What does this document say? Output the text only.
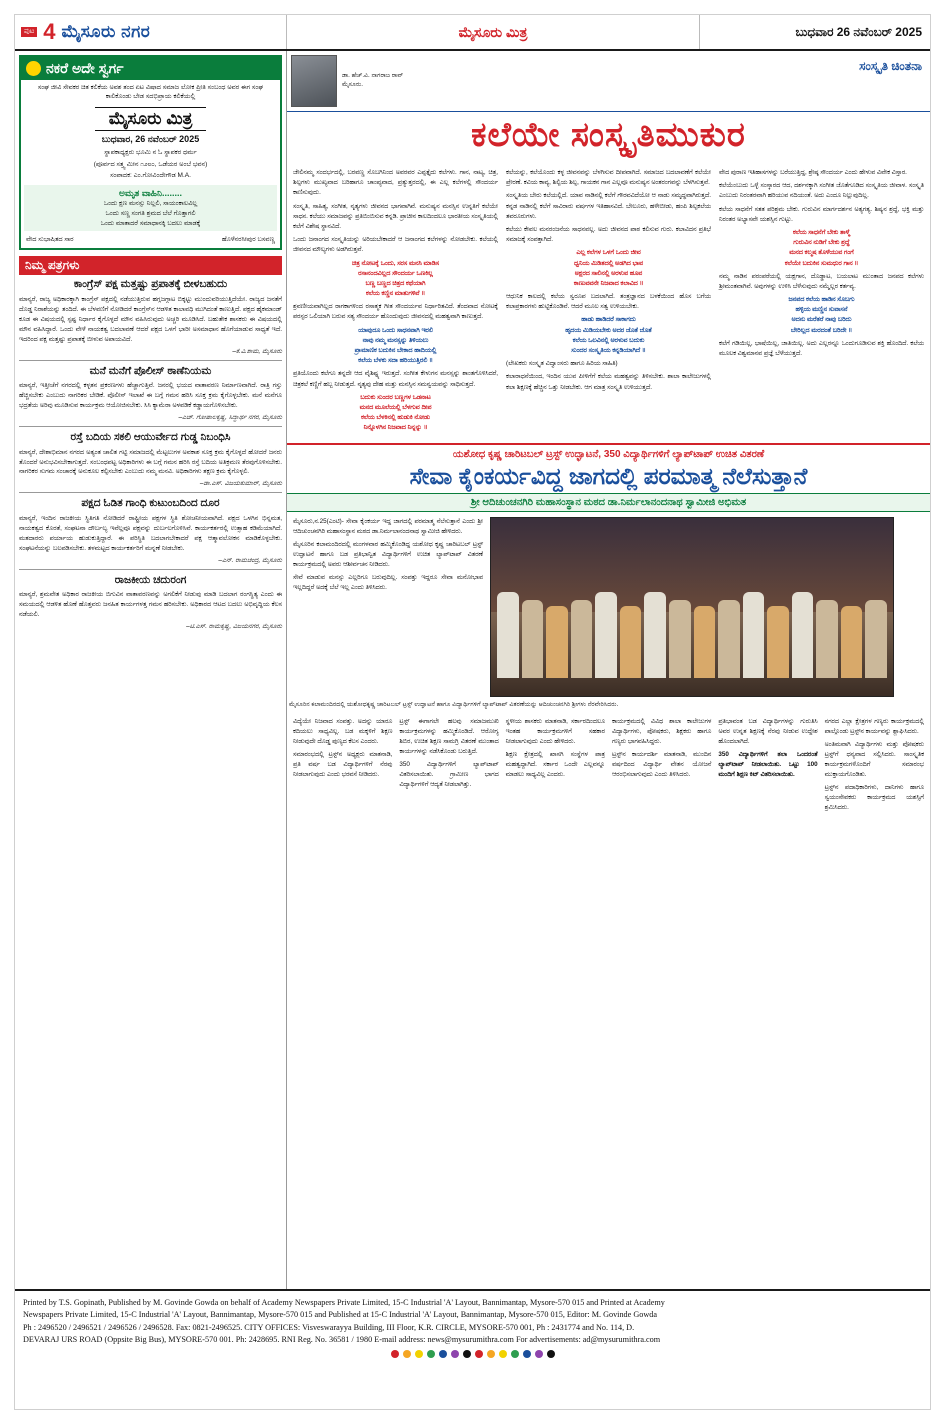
ಪುಟ 4 ಮೈಸೂರು ನಗರ	ಮೈಸೂರು ಮಿತ್ರ	ಬುಧವಾರ 26 ನವೆಂಬರ್ 2025
ನಕರೆ ಅದೇ ಸ್ವರ್ಗ
ಸಂಘ ಜೀವಿ ಸೇವಕರ ಚಿತ ಕಲಿಕೆಯ ಅವಶ ತಂದ ಏಟ ವಿಷಾದ ಸಮಾಜ ಲೋಕ ಪ್ರೀತಿ ಸಂಬಂಧ ಅವರ ಈಗ ಸಂಘ ಕಾಲಿಕೊಂಡು ಬೇಡ ಸದಭಿಪ್ರಾಯ ಕಲಿಕೆಯಲ್ಲಿ
ಮೈಸೂರು ಮಿತ್ರ
ಬುಧವಾರ, 26 ನವೆಂಬರ್ 2025
ಸ್ಥಾಪಕಾಧ್ಯಕ್ಷರು ಭೂಮಿ ನ ಓ ಸ್ಥಾಪಕರ ಧರ್ಮ
(ಪೂರ್ವದ ಸತ್ತ್ವ ಮೀನ ೧೨೮೦, ಒಡೆಯರ ಅಂಬೆ ಭವನ)
ಸಂಪಾದಕ: ಎಂ.ಗೋವಿಂದೇಗೌಡ M.A.
ಅಮೃತ ವಾಹಿನಿ........
ಒಂದು ಕ್ಷಣ ಮನಸ್ಸು ನಿಲ್ಲಲಿ, ಸಾಯಂಕಾಲವಿಲ್ಲ
ಒಂದು ಸಣ್ಣ ಸಂಗತಿ ಶ್ರಮದ ಬೆಲೆ ಗೊತ್ತಾಗಲಿ
ಒಂದು ಮಾತಾದರೆ ಸಮಾಧಾನಕ್ಕಿ ಬದಲು ಮಾಡಕ್ಕೆ
ವೇದ ಸುಭಾಷಿತದ ಸಾರ	ಹೊಳೆನರಸೀಪುರ ಬಸವಣ್ಣ
ನಿಮ್ಮ ಪತ್ರಗಳು
ಕಾಂಗ್ರೆಸ್ ಪಕ್ಷ ಮತ್ತಷ್ಟು ಪ್ರಪಾತಕ್ಕೆ ಬೀಳಬಹುದು

ಮಾನ್ಯರೆ, ರಾಜ್ಯ ಅಧಿಕಾರಕ್ಕಾಗಿ ಕಾಂಗ್ರೆಸ್ ಪಕ್ಷದಲ್ಲಿ ನಡೆಯುತ್ತಿರುವ ಹಗ್ಗಜಗ್ಗಾಟ ಬಿಕ್ಕಟ್ಟು ಮುಂದುವರಿಯುತ್ತಿದೆಯೇ. ರಾಜ್ಯದ ಜನತೆಗೆ ದೊಡ್ಡ ನಿರಾಶೆಯನ್ನು ತಂದಿದೆ. ಈ ಬೆಳವಣಿಗೆ ನೋಡಿದರೆ ಕಾಂಗ್ರೆಸ್‌ನ ಆಡಳಿತ ಕಾಲಾವಧಿ ಮುಗಿದಂತೆ ಕಾಣುತ್ತಿದೆ. ಪಕ್ಷದ ಹೈಕಮಾಂಡ್ ಕೂಡ ಈ ವಿಷಯದಲ್ಲಿ ಸ್ಪಷ್ಟ ನಿರ್ಧಾರ ಕೈಗೊಳ್ಳದೆ ಮೌನ ವಹಿಸಿರುವುದು ಅಚ್ಚರಿ ಮೂಡಿಸಿದೆ. ಬಹುತೇಕ ಶಾಸಕರು ಈ ವಿಷಯದಲ್ಲಿ ಮೌನ ವಹಿಸಿದ್ದಾರೆ. ಒಂದು ವೇಳೆ ನಾಯಕತ್ವ ಬದಲಾವಣೆ ಆದರೆ ಪಕ್ಷದ ಒಳಗೆ ಭಾರೀ ಅಸಮಾಧಾನ ಹೊಗೆಯಾಡುವ ಸಾಧ್ಯತೆ ಇದೆ. ಇದರಿಂದ ಪಕ್ಷ ಮತ್ತಷ್ಟು ಪ್ರಪಾತಕ್ಕೆ ಬೀಳುವ ಅಪಾಯವಿದೆ.

–ಕೆ.ವಿ.ಶಾಮ, ಮೈಸೂರು
ಮನೆ ಮನೆಗೆ ಪೊಲೀಸ್ ಠಾಣೆನಿಯಮ

ಮಾನ್ಯರೆ, ಇತ್ತೀಚೆಗೆ ನಗರದಲ್ಲಿ ಕಳ್ಳತನ ಪ್ರಕರಣಗಳು ಹೆಚ್ಚಾಗುತ್ತಿವೆ. ಜನರಲ್ಲಿ ಭಯದ ವಾತಾವರಣ ನಿರ್ಮಾಣವಾಗಿದೆ. ರಾತ್ರಿ ಗಸ್ತು ಹೆಚ್ಚಿಸಬೇಕು ಎಂಬುದು ನಾಗರಿಕರ ಬೇಡಿಕೆ. ಪೊಲೀಸ್ ಇಲಾಖೆ ಈ ಬಗ್ಗೆ ಗಮನ ಹರಿಸಿ ಸೂಕ್ತ ಕ್ರಮ ಕೈಗೊಳ್ಳಬೇಕು. ಮನೆ ಮನೆಗೂ ಭದ್ರತೆಯ ಅರಿವು ಮೂಡಿಸುವ ಕಾರ್ಯಕ್ರಮ ಆಯೋಜಿಸಬೇಕು. ಸಿಸಿ ಕ್ಯಾಮೆರಾ ಅಳವಡಿಕೆ ಕಡ್ಡಾಯಗೊಳಿಸಬೇಕು.

–ಎಚ್. ಗೋಪಾಲಕೃಷ್ಣ, ಸಿದ್ಧಾರ್ಥ ನಗರ, ಮೈಸೂರು
ರಸ್ತೆ ಬದಿಯ ಸಕಲಿ ಆಯುರ್ವೇದ ಗುಡ್ಡ ನಿಬಂಧಿಸಿ

ಮಾನ್ಯರೆ, ದೇಶಾಭಿಮಾನ ನಗರದ ಅತ್ಯಂತ ಚಾಲಿತ ಗಟ್ಟಿ ಸಮಾಜದಲ್ಲಿ ಮೆಟ್ಟಲುಗಳ ಅವಕಾಶ ಸೂಕ್ತ ಕ್ರಮ ಕೈಗೊಳ್ಳದೆ ಹೋದರೆ ಜನರು ತೊಂದರೆ ಅನುಭವಿಸಬೇಕಾಗುತ್ತದೆ. ಸಂಬಂಧಪಟ್ಟ ಅಧಿಕಾರಿಗಳು ಈ ಬಗ್ಗೆ ಗಮನ ಹರಿಸಿ ರಸ್ತೆ ಬದಿಯ ಅತಿಕ್ರಮಣ ತೆರವುಗೊಳಿಸಬೇಕು. ನಾಗರಿಕರ ಸುಗಮ ಸಂಚಾರಕ್ಕೆ ಅನುಕೂಲ ಕಲ್ಪಿಸಬೇಕು ಎಂಬುದು ನಮ್ಮ ಮನವಿ. ಅಧಿಕಾರಿಗಳು ತಕ್ಷಣ ಕ್ರಮ ಕೈಗೊಳ್ಳಲಿ.

–ಡಾ.ಎಸ್. ವಿಜಯಕುಮಾರ್, ಮೈಸೂರು
ಪಕ್ಷದ ಓಡಿತ ಗಾಂಧಿ ಕುಟುಂಬದಿಂದ ದೂರ

ಮಾನ್ಯರೆ, ಇಂದಿನ ರಾಜಕೀಯ ಸ್ಥಿತಿಗತಿ ನೋಡಿದರೆ ರಾಷ್ಟ್ರೀಯ ಪಕ್ಷಗಳ ಸ್ಥಿತಿ ಶೋಚನೀಯವಾಗಿದೆ. ಪಕ್ಷದ ಒಳಗಿನ ಭಿನ್ನಮತ, ನಾಯಕತ್ವದ ಕೊರತೆ, ಸಂಘಟನಾ ದೌರ್ಬಲ್ಯ ಇವೆಲ್ಲವೂ ಪಕ್ಷವನ್ನು ದುರ್ಬಲಗೊಳಿಸಿವೆ. ಕಾರ್ಯಕರ್ತರಲ್ಲಿ ಉತ್ಸಾಹ ಕಡಿಮೆಯಾಗಿದೆ. ಮತದಾರರು ಪರ್ಯಾಯ ಹುಡುಕುತ್ತಿದ್ದಾರೆ. ಈ ಪರಿಸ್ಥಿತಿ ಬದಲಾಗಬೇಕಾದರೆ ಪಕ್ಷ ಆತ್ಮಾವಲೋಕನ ಮಾಡಿಕೊಳ್ಳಬೇಕು. ಸಂಘಟನೆಯನ್ನು ಬಲಪಡಿಸಬೇಕು. ತಳಮಟ್ಟದ ಕಾರ್ಯಕರ್ತರಿಗೆ ಮನ್ನಣೆ ನೀಡಬೇಕು.

–ಎನ್. ರಾಮಚಂದ್ರ, ಮೈಸೂರು
ರಾಜಕೀಯ ಚದುರಂಗ

ಮಾನ್ಯರೆ, ಶ್ರಮವೇತ ಅಧಿಕಾರ ರಾಜಕೀಯ ಬಿಗುವಿನ ವಾತಾವರಣವನ್ನು ಅಗಲಿಕೆಗೆ ನೀಡುವು ಮಾಡಿ ಬದಲಾಗ ರಂಗಸ್ಥಿತ್ಯ ಎಂದು ಈ ಸಮಯದಲ್ಲಿ ಆಡಳಿತ ಹೊಣೆ ಹೊತ್ತವರು ಜನಹಿತ ಕಾರ್ಯಗಳತ್ತ ಗಮನ ಹರಿಸಬೇಕು. ಅಧಿಕಾರದ ಆಟದ ಬದಲು ಅಭಿವೃದ್ಧಿಯ ಕೆಲಸ ನಡೆಯಲಿ.

–ಟಿ.ಎಸ್. ರಾಮಕೃಷ್ಣ, ವಿಜಯನಗರ, ಮೈಸೂರು
ಡಾ. ಹೆಚ್.ವಿ. ನಾಗರಾಜ ರಾವ್
ಮೈಸೂರು.
ಸಂಸ್ಕೃತಿ ಚಿಂತನಾ
ಕಲೆಯೇ ಸಂಸ್ಕೃತಿಮುಕುರ

ಜೇಲಿನಮ್ಮ ಸಂದರ್ಭದಲ್ಲಿ, ಬರವಣ್ಣ ಸೊಬಗಿನಿಂದ ಅವರವರ ಎಪ್ಪತ್ತೈದು ಕಲೆಗಳು. ಗಾನ, ನಾಟ್ಯ, ಚಿತ್ರ, ಶಿಲ್ಪಗಳು ಮುಖ್ಯವಾದ ಬರಿಹಾಗೂ ಚಾಂಪ್ಯವಾದ, ಪ್ರತ್ಯುತ್ತರದಲ್ಲಿ, ಈ ಎಲ್ಲ ಕಲೆಗಳಲ್ಲಿ ಸೌಂದರ್ಯ ಕಾಣಿಸುವುದು.

ಸಂಸ್ಕೃತಿ, ಸಾಹಿತ್ಯ, ಸಂಗೀತ, ನೃತ್ಯಗಳು ಜೀವನದ ಭಾಗವಾಗಿವೆ. ಮನುಷ್ಯನ ಮನಸ್ಸಿನ ಉನ್ನತಿಗೆ ಕಲೆಯೇ ಸಾಧನ. ಕಲೆಯು ಸಮಾಜವನ್ನು ಪ್ರತಿಬಿಂಬಿಸುವ ಕನ್ನಡಿ. ಪ್ರಾಚೀನ ಕಾಲದಿಂದಲೂ ಭಾರತೀಯ ಸಂಸ್ಕೃತಿಯಲ್ಲಿ ಕಲೆಗೆ ವಿಶೇಷ ಸ್ಥಾನವಿದೆ.

ಒಂದು ಜನಾಂಗದ ಸಂಸ್ಕೃತಿಯನ್ನು ಅರಿಯಬೇಕಾದರೆ ಆ ಜನಾಂಗದ ಕಲೆಗಳನ್ನು ನೋಡಬೇಕು. ಕಲೆಯಲ್ಲಿ ಜೀವನದ ಮೌಲ್ಯಗಳು ಅಡಗಿರುತ್ತವೆ.

ಚಿತ್ರ ನೋಟಕ್ಕೆ ಒಂದು, ಸರಸ ಮನಸಿ ಮಾಡಿಸ
ರಸಾನಂದವಿಲ್ಲದ ಸೌಂದರ್ಯ ಒಣಕಿಲ್ಲ
ಬಣ್ಣ ಬಣ್ಣದ ಚಿತ್ರದ ಕಥೆಯಾಗಿ
ಕಲೆಯ ಕಣ್ಣಿನ ಮಾತುಗಳಿವೆ ॥

ಶ್ರವಣೀಯವಾಗಿಲ್ಲದ ರಾಗಕಾಗಳಿಂದ ರಸಾತ್ಮಕ ಗೀತ ಸೌಂದರ್ಯವ ನಿರ್ಧಾರಿತವಿದೆ. ತೆಂದವಾದ ನೋಟಕ್ಕೆ ಪರಸ್ಪರ ಒಲಿಯಾಗಿ ಬರುವ ಸತ್ಯ ಸೌಂದರ್ಯ ಹೊಂದುವುದು ಜೀವನದಲ್ಲಿ ಮಹತ್ವವಾಗಿ ಕಾಣುತ್ತದೆ.

ಯಾವುದೂ ಒಂದು ಸಾಧನವಾಗಿ ಇರಲಿ
ನಾವು ನಮ್ಮ ಮನಸ್ಸನ್ನು ತಿಳಿಯಲು
ಪ್ರಾಮಾಣಿಕ ಬದುಕಿನ ಬೇಕಾದ ಹಾದಿಯಲ್ಲಿ
ಕಲೆಯ ಬೆಳಕು ಸದಾ ಹರಿಯುತ್ತಿರಲಿ ॥

ಪ್ರತಿಯೊಂದು ಕಲೆಗೂ ತನ್ನದೇ ಆದ ವೈಶಿಷ್ಟ್ಯ ಇರುತ್ತದೆ. ಸಂಗೀತ ಕೇಳುಗನ ಮನಸ್ಸನ್ನು ಶಾಂತಗೊಳಿಸಿದರೆ, ಚಿತ್ರಕಲೆ ಕಣ್ಣಿಗೆ ಹಬ್ಬ ನೀಡುತ್ತದೆ. ನೃತ್ಯವು ದೇಹ ಮತ್ತು ಮನಸ್ಸಿನ ಸಮನ್ವಯವನ್ನು ಸಾಧಿಸುತ್ತದೆ.

ಬದುಕು ಸುಂದರ ಬಣ್ಣಗಳ ಒಡನಾಟ
ಮನದ ಮೂಲೆಯಲ್ಲಿ ಬೆಳಗುವ ದೀಪ
ಕಲೆಯ ಬೆಳಕಿನಲ್ಲಿ ಹುಡುಕಿ ನೋಡು
ನಿನ್ನೊಳಗಿನ ನಿಜವಾದ ನಿನ್ನನ್ನು ॥

ಕಲೆಯನ್ನು, ಕಲೆಯೊಂದು ಕಳ್ಳ ಜೀವನವನ್ನು ಬೆಳಗಿಸುವ ದೀಪವಾಗಿದೆ. ಸಮಾಜದ ಬದಲಾವಣೆಗೆ ಕಲೆಯೇ ಪ್ರೇರಣೆ. ಕವಿಯ ಕಾವ್ಯ, ಶಿಲ್ಪಿಯ ಶಿಲ್ಪ, ಗಾಯಕನ ಗಾನ ಎಲ್ಲವೂ ಮನುಷ್ಯನ ಅಂತರಂಗವನ್ನು ಬೆಳಗಿಸುತ್ತವೆ.

ಸಂಸ್ಕೃತಿಯ ಬೇರು ಕಲೆಯಲ್ಲಿದೆ. ಯಾವ ನಾಡಿನಲ್ಲಿ ಕಲೆಗೆ ಗೌರವವಿದೆಯೋ ಆ ನಾಡು ಸಮೃದ್ಧವಾಗಿರುತ್ತದೆ. ಕನ್ನಡ ನಾಡಿನಲ್ಲಿ ಕಲೆಗೆ ಸಾವಿರಾರು ವರ್ಷಗಳ ಇತಿಹಾಸವಿದೆ. ಬೇಲೂರು, ಹಳೇಬೀಡು, ಹಂಪಿ ಶಿಲ್ಪಕಲೆಯ ತವರೂರುಗಳು.

ಕಲೆಯು ಕೇವಲ ಮನರಂಜನೆಯ ಸಾಧನವಲ್ಲ. ಅದು ಜೀವನದ ಪಾಠ ಕಲಿಸುವ ಗುರು. ಕಲಾವಿದನ ಪ್ರತಿಭೆ ಸಮಾಜಕ್ಕೆ ಸಂಪತ್ತಾಗಿದೆ.

ಎಲ್ಲ ಕಲೆಗಳ ಒಳಗೆ ಒಂದು ಜೀವ
ಧ್ವನಿಯ ಮಿಡಿತದಲ್ಲಿ ಅಡಗಿದ ಭಾವ
ಅಕ್ಷರದ ಸಾಲಿನಲ್ಲಿ ಅರಳುವ ಹೂವ
ಕಾಣುವವನೇ ನಿಜವಾದ ಕಲಾವಿದ ॥

ಆಧುನಿಕ ಕಾಲದಲ್ಲಿ ಕಲೆಯ ಸ್ವರೂಪ ಬದಲಾಗಿದೆ. ತಂತ್ರಜ್ಞಾನದ ಬಳಕೆಯಿಂದ ಹೊಸ ಬಗೆಯ ಕಲಾಪ್ರಕಾರಗಳು ಹುಟ್ಟಿಕೊಂಡಿವೆ. ಆದರೆ ಮೂಲ ಸತ್ವ ಉಳಿಯಬೇಕು.

ಹಾಡು ಹಾಡಿದರೆ ಸಾಕಾಗದು
ಹೃದಯ ಮಿಡಿಯಬೇಕು ಅದರ ಜೊತೆ ಜೊತೆ
ಕಲೆಯ ಒಲವಿನಲ್ಲಿ ಅರಳುವ ಬದುಕು
ಸುಂದರ ಸಂಸ್ಕೃತಿಯ ಕನ್ನಡಿಯಾಗಿದೆ ॥

(ಲೇಖಕರು ಸಂಸ್ಕೃತ ವಿದ್ವಾಂಸರು ಹಾಗೂ ಹಿರಿಯ ಸಾಹಿತಿ)

ಕಲಾರಾಧನೆಯಿಂದ, ಇಂದಿನ ಯುವ ಪೀಳಿಗೆಗೆ ಕಲೆಯ ಮಹತ್ವವನ್ನು ತಿಳಿಸಬೇಕು. ಶಾಲಾ ಕಾಲೇಜುಗಳಲ್ಲಿ ಕಲಾ ಶಿಕ್ಷಣಕ್ಕೆ ಹೆಚ್ಚಿನ ಒತ್ತು ನೀಡಬೇಕು. ಆಗ ಮಾತ್ರ ಸಂಸ್ಕೃತಿ ಉಳಿಯುತ್ತದೆ.

ವೇದ ಪುರಾಣ ಇತಿಹಾಸಗಳನ್ನು ಬರೆಯುತ್ತಿದ್ದ, ಶ್ರೇಷ್ಠ ಸೌಂದರ್ಯ ಎಂದು ಹೇಳುವ ವಿವೇಕ ವಿಸ್ತಾರ.

ಕಲೆಯೆಂಬುದು ಒಳ್ಳೆ ಸಂಸ್ಕಾರದ ಆದ, ದರ್ಶನಕ್ಕಾಗಿ ಸಂಗೀತ ಜೊತೆಗೂಡಿದ ಸಂಸ್ಕೃತಿಯ ಜೀವಾಳ. ಸಂಸ್ಕೃತಿ ಎಂಬುದು ನಿರಂತರವಾಗಿ ಹರಿಯುವ ನದಿಯಂತೆ. ಅದು ಎಂದೂ ನಿಲ್ಲುವುದಿಲ್ಲ.

ಕಲೆಯ ಸಾಧನೆಗೆ ಸತತ ಪರಿಶ್ರಮ ಬೇಕು. ಗುರುವಿನ ಮಾರ್ಗದರ್ಶನ ಅತ್ಯಗತ್ಯ. ಶಿಷ್ಯನ ಶ್ರದ್ಧೆ, ಭಕ್ತಿ ಮತ್ತು ನಿರಂತರ ಅಭ್ಯಾಸವೇ ಯಶಸ್ಸಿನ ಗುಟ್ಟು.

ಕಲೆಯ ಸಾಧನೆಗೆ ಬೇಕು ತಾಳ್ಮೆ
ಗುರುವಿನ ನುಡಿಗೆ ಬೇಕು ಶ್ರದ್ಧೆ
ಮನದ ಕಲ್ಮಷ ತೊಳೆಯುವ ಗಂಗೆ
ಕಲೆಯೇ ಬದುಕಿನ ಸುಮಧುರ ಗಾನ ॥

ನಮ್ಮ ನಾಡಿನ ಪರಂಪರೆಯಲ್ಲಿ ಯಕ್ಷಗಾನ, ದೊಡ್ಡಾಟ, ಬಯಲಾಟ ಮುಂತಾದ ಜನಪದ ಕಲೆಗಳು ಶ್ರೀಮಂತವಾಗಿವೆ. ಅವುಗಳನ್ನು ಉಳಿಸಿ ಬೆಳೆಸುವುದು ನಮ್ಮೆಲ್ಲರ ಕರ್ತವ್ಯ.

ಜನಪದ ಕಲೆಯ ಹಾಡಿನ ಸೊಬಗು
ಹಳ್ಳಿಯ ಮಣ್ಣಿನ ಸುವಾಸನೆ
ಅದನು ಮರೆತರೆ ನಾವು ಬರಿದು
ಬೇರಿಲ್ಲದ ಮರದಂತೆ ಬರಿದೇ ॥

ಕಲೆಗೆ ಗಡಿಯಿಲ್ಲ, ಭಾಷೆಯಿಲ್ಲ, ಜಾತಿಯಿಲ್ಲ. ಅದು ಎಲ್ಲರನ್ನೂ ಒಂದುಗೂಡಿಸುವ ಶಕ್ತಿ ಹೊಂದಿದೆ. ಕಲೆಯ ಮೂಲಕ ವಿಶ್ವಮಾನವ ಪ್ರಜ್ಞೆ ಬೆಳೆಯುತ್ತದೆ.

ಯಶೋಧ ಕೃಷ್ಣ ಚಾರಿಟಬಲ್ ಟ್ರಸ್ಟ್ ಉದ್ಘಾಟನೆ, 350 ವಿದ್ಯಾರ್ಥಿಗಳಿಗೆ ಲ್ಯಾಪ್‌ಟಾಪ್ ಉಚಿತ ವಿತರಣೆ
ಸೇವಾ ಕೈಂಕರ್ಯವಿದ್ದ ಜಾಗದಲ್ಲಿ ಪರಮಾತ್ಮ ನೆಲೆಸುತ್ತಾನೆ
ಶ್ರೀ ಆದಿಚುಂಚನಗಿರಿ ಮಹಾಸಂಸ್ಥಾನ ಮಠದ ಡಾ.ನಿರ್ಮಲಾನಂದನಾಥ ಸ್ವಾಮೀಜಿ ಅಭಿಮತ

ಮೈಸೂರು,ನ.25(ಎಂಟಿ)- ಸೇವಾ ಕೈಂಕರ್ಯ ಇದ್ದ ಜಾಗದಲ್ಲಿ ಪರಮಾತ್ಮ ನೆಲೆಸುತ್ತಾನೆ ಎಂದು ಶ್ರೀ ಆದಿಚುಂಚನಗಿರಿ ಮಹಾಸಂಸ್ಥಾನ ಮಠದ ಡಾ.ನಿರ್ಮಲಾನಂದನಾಥ ಸ್ವಾಮೀಜಿ ಹೇಳಿದರು.

ಮೈಸೂರಿನ ಕಲಾಮಂದಿರದಲ್ಲಿ ಮಂಗಳವಾರ ಹಮ್ಮಿಕೊಂಡಿದ್ದ ಯಶೋಧ ಕೃಷ್ಣ ಚಾರಿಟಬಲ್ ಟ್ರಸ್ಟ್ ಉದ್ಘಾಟನೆ ಹಾಗೂ ಬಡ ಪ್ರತಿಭಾನ್ವಿತ ವಿದ್ಯಾರ್ಥಿಗಳಿಗೆ ಉಚಿತ ಲ್ಯಾಪ್‌ಟಾಪ್ ವಿತರಣೆ ಕಾರ್ಯಕ್ರಮದಲ್ಲಿ ಅವರು ಆಶೀರ್ವಚನ ನೀಡಿದರು.

ಸೇವೆ ಮಾಡುವ ಮನಸ್ಸು ಎಲ್ಲರಿಗೂ ಬರುವುದಿಲ್ಲ. ಸಂಪತ್ತು ಇದ್ದರೂ ಸೇವಾ ಮನೋಭಾವ ಇಲ್ಲದಿದ್ದರೆ ಅದಕ್ಕೆ ಬೆಲೆ ಇಲ್ಲ ಎಂದು ತಿಳಿಸಿದರು.

ಮೈಸೂರಿನ ಕಲಾಮಂದಿರದಲ್ಲಿ ಯಶೋಧಕೃಷ್ಣ ಚಾರಿಟಬಲ್ ಟ್ರಸ್ಟ್ ಉದ್ಘಾಟನೆ ಹಾಗೂ ವಿದ್ಯಾರ್ಥಿಗಳಿಗೆ ಲ್ಯಾಪ್‌ಟಾಪ್ ವಿತರಣೆಯನ್ನು ಆದಿಚುಂಚನಗಿರಿ ಶ್ರೀಗಳು ನೆರವೇರಿಸಿದರು.

ವಿದ್ಯೆಯೇ ನಿಜವಾದ ಸಂಪತ್ತು. ಅದನ್ನು ಯಾರೂ ಕದಿಯಲು ಸಾಧ್ಯವಿಲ್ಲ. ಬಡ ಮಕ್ಕಳಿಗೆ ಶಿಕ್ಷಣ ನೀಡುವುದೇ ದೊಡ್ಡ ಪುಣ್ಯದ ಕೆಲಸ ಎಂದರು.

ಸಮಾರಂಭದಲ್ಲಿ ಟ್ರಸ್ಟ್‌ನ ಅಧ್ಯಕ್ಷರು ಮಾತನಾಡಿ, ಪ್ರತಿ ವರ್ಷ ಬಡ ವಿದ್ಯಾರ್ಥಿಗಳಿಗೆ ನೆರವು ನೀಡಲಾಗುವುದು ಎಂದು ಭರವಸೆ ನೀಡಿದರು.

ಟ್ರಸ್ಟ್ ಈಗಾಗಲೇ ಹಲವು ಸಮಾಜಮುಖಿ ಕಾರ್ಯಕ್ರಮಗಳನ್ನು ಹಮ್ಮಿಕೊಂಡಿದೆ. ಆರೋಗ್ಯ ಶಿಬಿರ, ಉಚಿತ ಶಿಕ್ಷಣ ಸಾಮಗ್ರಿ ವಿತರಣೆ ಮುಂತಾದ ಕಾರ್ಯಗಳನ್ನು ನಡೆಸಿಕೊಂಡು ಬರುತ್ತಿದೆ.

350 ವಿದ್ಯಾರ್ಥಿಗಳಿಗೆ ಲ್ಯಾಪ್‌ಟಾಪ್ ವಿತರಿಸಲಾಯಿತು. ಗ್ರಾಮೀಣ ಭಾಗದ ವಿದ್ಯಾರ್ಥಿಗಳಿಗೆ ಆದ್ಯತೆ ನೀಡಲಾಗಿತ್ತು.

ಸ್ಥಳೀಯ ಶಾಸಕರು ಮಾತನಾಡಿ, ಸರ್ಕಾರದಿಂದಲೂ ಇಂತಹ ಕಾರ್ಯಕ್ರಮಗಳಿಗೆ ಸಹಕಾರ ನೀಡಲಾಗುವುದು ಎಂದು ಹೇಳಿದರು.

ಶಿಕ್ಷಣ ಕ್ಷೇತ್ರದಲ್ಲಿ ಖಾಸಗಿ ಸಂಸ್ಥೆಗಳ ಪಾತ್ರ ಮಹತ್ವದ್ದಾಗಿದೆ. ಸರ್ಕಾರ ಒಂದೇ ಎಲ್ಲವನ್ನೂ ಮಾಡಲು ಸಾಧ್ಯವಿಲ್ಲ ಎಂದರು.

ಕಾರ್ಯಕ್ರಮದಲ್ಲಿ ವಿವಿಧ ಶಾಲಾ ಕಾಲೇಜುಗಳ ವಿದ್ಯಾರ್ಥಿಗಳು, ಪೋಷಕರು, ಶಿಕ್ಷಕರು ಹಾಗೂ ಗಣ್ಯರು ಭಾಗವಹಿಸಿದ್ದರು.

ಟ್ರಸ್ಟ್‌ನ ಕಾರ್ಯದರ್ಶಿ ಮಾತನಾಡಿ, ಮುಂದಿನ ವರ್ಷದಿಂದ ವಿದ್ಯಾರ್ಥಿ ವೇತನ ಯೋಜನೆ ಆರಂಭಿಸಲಾಗುವುದು ಎಂದು ತಿಳಿಸಿದರು.

ಪ್ರತಿಭಾವಂತ ಬಡ ವಿದ್ಯಾರ್ಥಿಗಳನ್ನು ಗುರುತಿಸಿ ಅವರ ಉನ್ನತ ಶಿಕ್ಷಣಕ್ಕೆ ನೆರವು ನೀಡುವ ಉದ್ದೇಶ ಹೊಂದಲಾಗಿದೆ.

350 ವಿದ್ಯಾರ್ಥಿಗಳಿಗೆ ತಲಾ ಒಂದರಂತೆ ಲ್ಯಾಪ್‌ಟಾಪ್ ನೀಡಲಾಯಿತು. ಒಟ್ಟು 100 ಮಂದಿಗೆ ಶಿಕ್ಷಣ ಕಿಟ್ ವಿತರಿಸಲಾಯಿತು.

ನಗರದ ಎಲ್ಲಾ ಕ್ಷೇತ್ರಗಳ ಗಣ್ಯರು ಕಾರ್ಯಕ್ರಮದಲ್ಲಿ ಪಾಲ್ಗೊಂಡು ಟ್ರಸ್ಟ್‌ನ ಕಾರ್ಯವನ್ನು ಶ್ಲಾಘಿಸಿದರು.

ಅಂತಿಮವಾಗಿ ವಿದ್ಯಾರ್ಥಿಗಳು ಮತ್ತು ಪೋಷಕರು ಟ್ರಸ್ಟ್‌ಗೆ ಧನ್ಯವಾದ ಸಲ್ಲಿಸಿದರು. ಸಾಂಸ್ಕೃತಿಕ ಕಾರ್ಯಕ್ರಮಗಳೊಂದಿಗೆ ಸಮಾರಂಭ ಮುಕ್ತಾಯಗೊಂಡಿತು.

ಟ್ರಸ್ಟ್‌ನ ಪದಾಧಿಕಾರಿಗಳು, ದಾನಿಗಳು ಹಾಗೂ ಸ್ವಯಂಸೇವಕರು ಕಾರ್ಯಕ್ರಮದ ಯಶಸ್ಸಿಗೆ ಶ್ರಮಿಸಿದರು.

Printed by T.S. Gopinath, Published by M. Govinde Gowda on behalf of Academy Newspapers Private Limited, 15-C Industrial 'A' Layout, Bannimantap, Mysore-570 015 and Printed at Academy
Newspapers Private Limited, 15-C Industrial 'A' Layout, Bannimantap, Mysore-570 015 and Published at 15-C Industrial 'A' Layout, Bannimantap, Mysore-570 015, Editor: M. Govinde Gowda
Ph : 2496520 / 2496521 / 2496526 / 2496528. Fax: 0821-2496525. CITY OFFICES: Visveswarayya Building, III Floor, K.R. CIRCLE, MYSORE-570 001, Ph : 2431774 and No. 114, D.
DEVARAJ URS ROAD (Oppsite Big Bus), MYSORE-570 001. Ph: 2428695. RNI Reg. No. 36581 / 1980 E-mail address: news@mysurumithra.com For advertisements: ad@mysurumithra.com
